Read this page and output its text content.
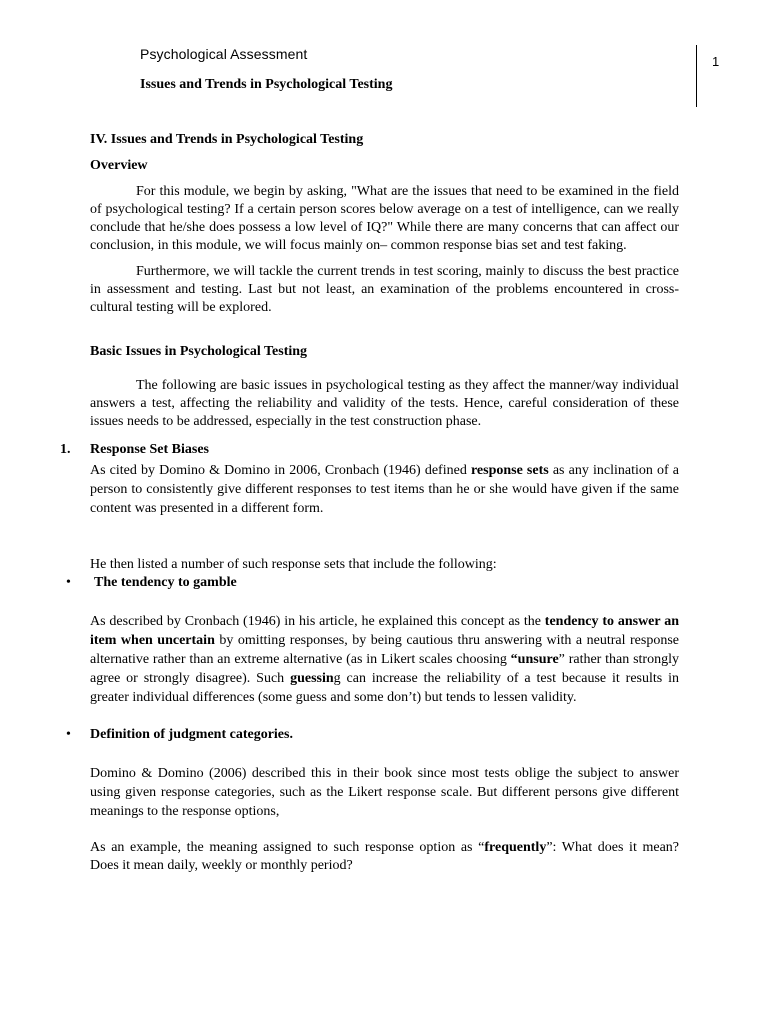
Psychological Assessment
Issues and Trends in Psychological Testing
1
IV. Issues and Trends in Psychological Testing
Overview

For this module, we begin by asking, "What are the issues that need to be examined in the field of psychological testing? If a certain person scores below average on a test of intelligence, can we really conclude that he/she does possess a low level of IQ?" While there are many concerns that can affect our conclusion, in this module, we will focus mainly on– common response bias set and test faking.

Furthermore, we will tackle the current trends in test scoring, mainly to discuss the best practice in assessment and testing. Last but not least, an examination of the problems encountered in cross-cultural testing will be explored.

Basic Issues in Psychological Testing

The following are basic issues in psychological testing as they affect the manner/way individual answers a test, affecting the reliability and validity of the tests. Hence, careful consideration of these issues needs to be addressed, especially in the test construction phase.

1. Response Set Biases

As cited by Domino & Domino in 2006, Cronbach (1946) defined response sets as any inclination of a person to consistently give different responses to test items than he or she would have given if the same content was presented in a different form.

He then listed a number of such response sets that include the following:

• The tendency to gamble

As described by Cronbach (1946) in his article, he explained this concept as the tendency to answer an item when uncertain by omitting responses, by being cautious thru answering with a neutral response alternative rather than an extreme alternative (as in Likert scales choosing “unsure” rather than strongly agree or strongly disagree). Such guessing can increase the reliability of a test because it results in greater individual differences (some guess and some don’t) but tends to lessen validity.

• Definition of judgment categories.

Domino & Domino (2006) described this in their book since most tests oblige the subject to answer using given response categories, such as the Likert response scale. But different persons give different meanings to the response options,

As an example, the meaning assigned to such response option as “frequently”: What does it mean? Does it mean daily, weekly or monthly period?
